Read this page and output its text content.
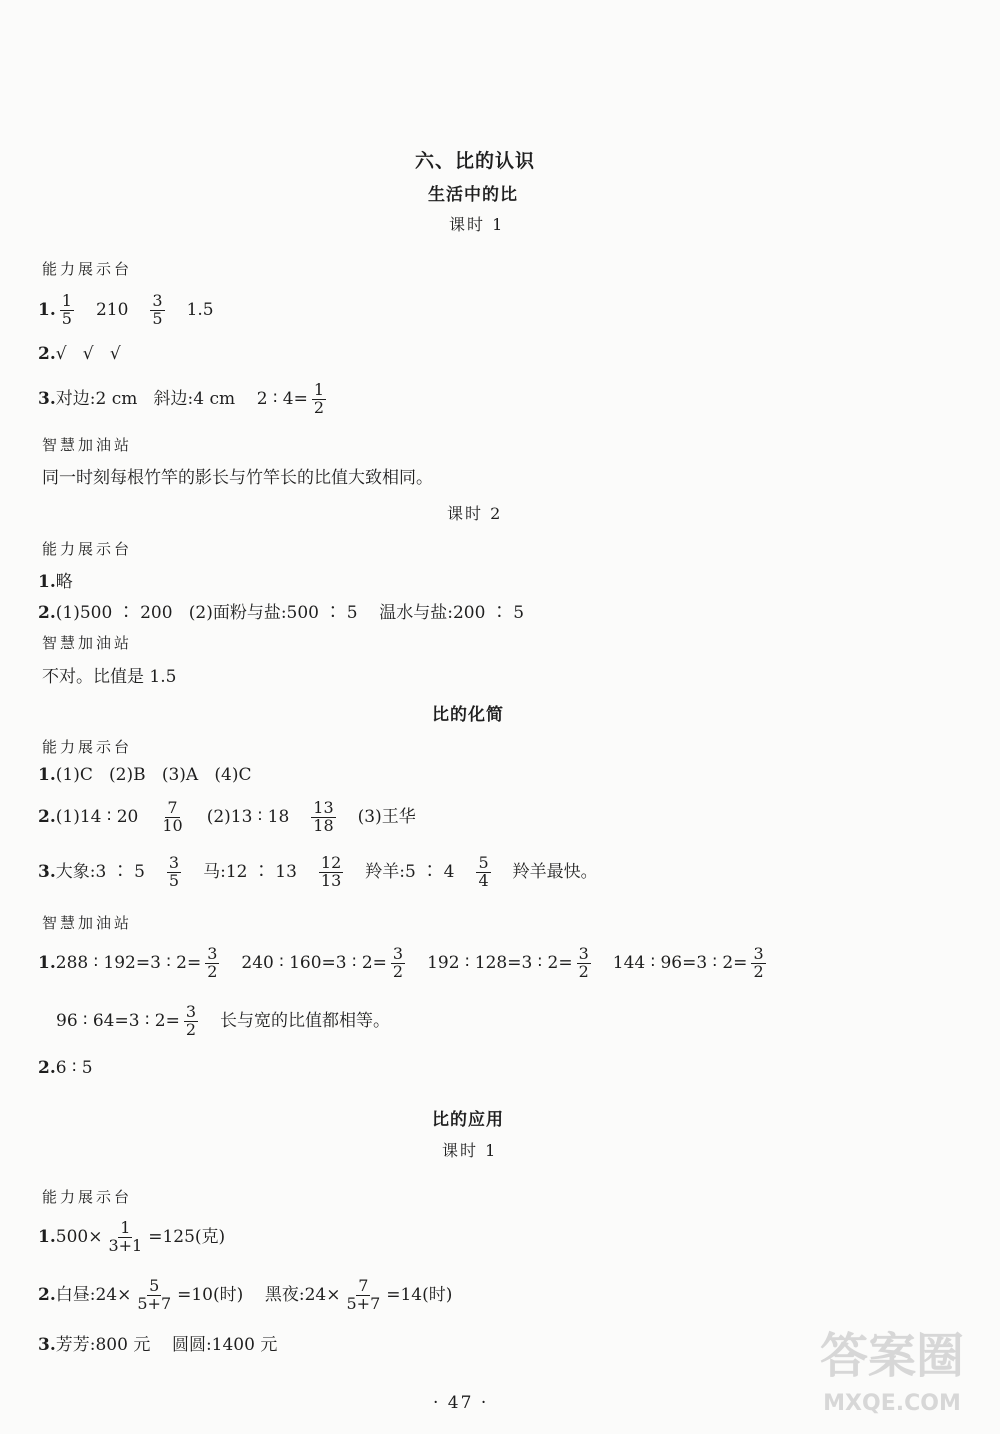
六、比的认识
生活中的比
课时 1
能力展示台
1. $\frac{1}{5} 210 \frac{3}{5} 1.5$
2.√   √   √
3.对边:2 cm   斜边:4 cm    2 ∶ $4= \frac{1}{2}$
智慧加油站
同一时刻每根竹竿的影长与竹竿长的比值大致相同。
课时 2
能力展示台
1.略
2.(1)500 ∶ 200   (2)面粉与盐:500 ∶ 5    温水与盐:200 ∶ 5
智慧加油站
不对。比值是 1.5
比的化简
能力展示台
1.(1)C   (2)B   (3)A   (4)C
2.(1)14 ∶ $20 \frac{7}{10} (2)13$ ∶ $18 \frac{13}{18} (3)$王华
3.大象:3 ∶ $5 \frac{3}{5}$ 马:12 ∶ $13 \frac{12}{13}$ 羚羊:5 ∶ $4 \frac{5}{4}$ 羚羊最快。
智慧加油站
1.288 ∶ 192=3 ∶ $2= \frac{3}{2} 240$ ∶ 160=3 ∶ $2= \frac{3}{2} 192$ ∶ 128=3 ∶ $2= \frac{3}{2} 144$ ∶ 96=3 ∶ $2= \frac{3}{2}$
96 ∶ 64=3 ∶ $2= \frac{3}{2}$ 长与宽的比值都相等。
2.6 ∶ 5
比的应用
课时 1
能力展示台
$1.500\times \frac{1}{3+1} =125$(克)
2.白昼:24× $\frac{5}{5+7} =10$(时)    黑夜:24× $\frac{7}{5+7} =14$(时)
3.芳芳:800 元    圆圆:1400 元
· 47 ·
答案圈
MXQE.COM
